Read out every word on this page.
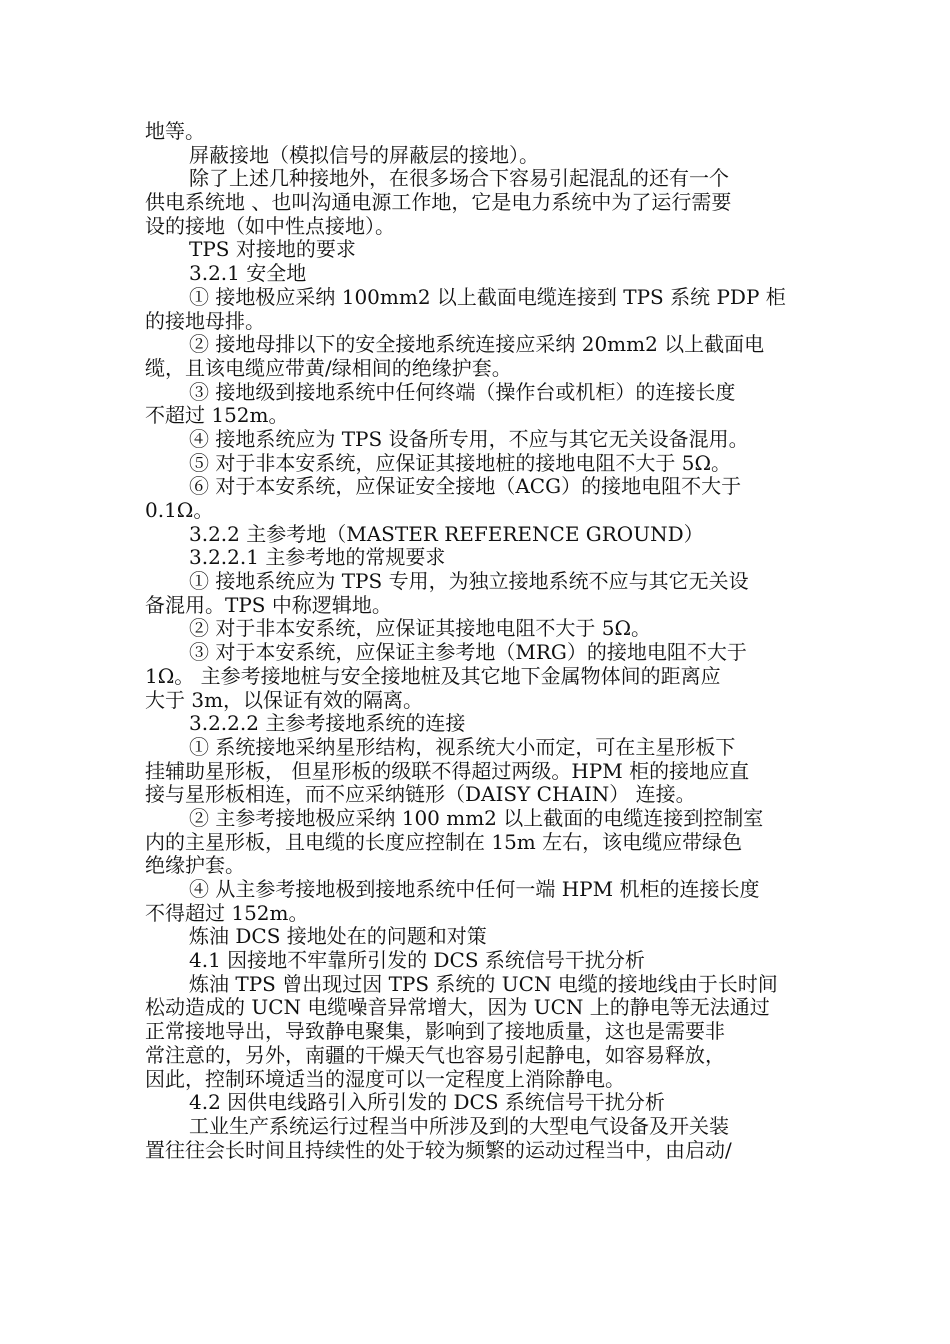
地等。
屏蔽接地（模拟信号的屏蔽层的接地）。
除了上述几种接地外，在很多场合下容易引起混乱的还有一个
供电系统地 、也叫沟通电源工作地，它是电力系统中为了运行需要
设的接地（如中性点接地）。
TPS 对接地的要求
3.2.1 安全地
① 接地极应采纳 100mm2 以上截面电缆连接到 TPS 系统 PDP 柜
的接地母排。
② 接地母排以下的安全接地系统连接应采纳 20mm2 以上截面电
缆，且该电缆应带黄/绿相间的绝缘护套。
③ 接地级到接地系统中任何终端（操作台或机柜）的连接长度
不超过 152m。
④ 接地系统应为 TPS 设备所专用，不应与其它无关设备混用。
⑤ 对于非本安系统，应保证其接地桩的接地电阻不大于 5Ω。
⑥ 对于本安系统，应保证安全接地（ACG）的接地电阻不大于
0.1Ω。
3.2.2 主参考地（MASTER REFERENCE GROUND）
3.2.2.1 主参考地的常规要求
① 接地系统应为 TPS 专用，为独立接地系统不应与其它无关设
备混用。TPS 中称逻辑地。
② 对于非本安系统，应保证其接地电阻不大于 5Ω。
③ 对于本安系统，应保证主参考地（MRG）的接地电阻不大于
1Ω。 主参考接地桩与安全接地桩及其它地下金属物体间的距离应
大于 3m，以保证有效的隔离。
3.2.2.2 主参考接地系统的连接
① 系统接地采纳星形结构，视系统大小而定，可在主星形板下
挂辅助星形板， 但星形板的级联不得超过两级。HPM 柜的接地应直
接与星形板相连，而不应采纳链形（DAISY CHAIN） 连接。
② 主参考接地极应采纳 100 mm2 以上截面的电缆连接到控制室
内的主星形板，且电缆的长度应控制在 15m 左右，该电缆应带绿色
绝缘护套。
④ 从主参考接地极到接地系统中任何一端 HPM 机柜的连接长度
不得超过 152m。
炼油 DCS 接地处在的问题和对策
4.1 因接地不牢靠所引发的 DCS 系统信号干扰分析
炼油 TPS 曾出现过因 TPS 系统的 UCN 电缆的接地线由于长时间
松动造成的 UCN 电缆噪音异常增大，因为 UCN 上的静电等无法通过
正常接地导出，导致静电聚集，影响到了接地质量，这也是需要非
常注意的，另外，南疆的干燥天气也容易引起静电，如容易释放，
因此，控制环境适当的湿度可以一定程度上消除静电。
4.2 因供电线路引入所引发的 DCS 系统信号干扰分析
工业生产系统运行过程当中所涉及到的大型电气设备及开关装
置往往会长时间且持续性的处于较为频繁的运动过程当中，由启动/
